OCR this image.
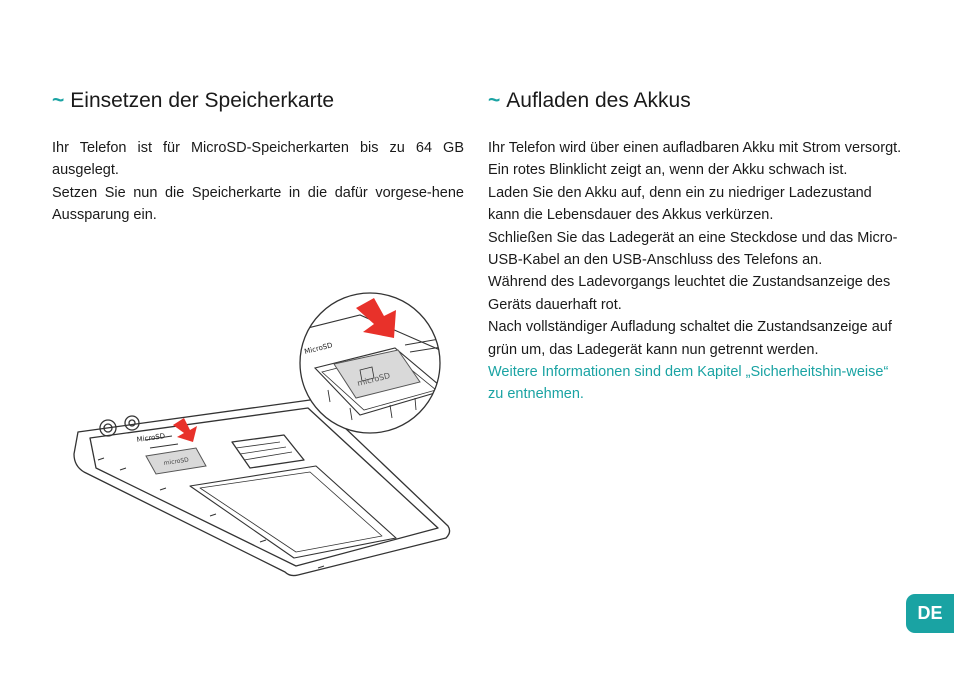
~ Einsetzen der Speicherkarte

Ihr Telefon ist für MicroSD-Speicherkarten bis zu 64 GB ausgelegt.

Setzen Sie nun die Speicherkarte in die dafür vorgese-hene Aussparung ein.

microSD
MicroSD
MicroSD
microSD
~ Aufladen des Akkus

Ihr Telefon wird über einen aufladbaren Akku mit Strom versorgt.

Ein rotes Blinklicht zeigt an, wenn der Akku schwach ist.

Laden Sie den Akku auf, denn ein zu niedriger Ladezustand kann die Lebensdauer des Akkus verkürzen.

Schließen Sie das Ladegerät an eine Steckdose und das Micro-USB-Kabel an den USB-Anschluss des Telefons an.

Während des Ladevorgangs leuchtet die Zustandsanzeige des Geräts dauerhaft rot.

Nach vollständiger Aufladung schaltet die Zustandsanzeige auf grün um, das Ladegerät kann nun getrennt werden.

Weitere Informationen sind dem Kapitel „Sicherheitshin-weise“ zu entnehmen.

DE
